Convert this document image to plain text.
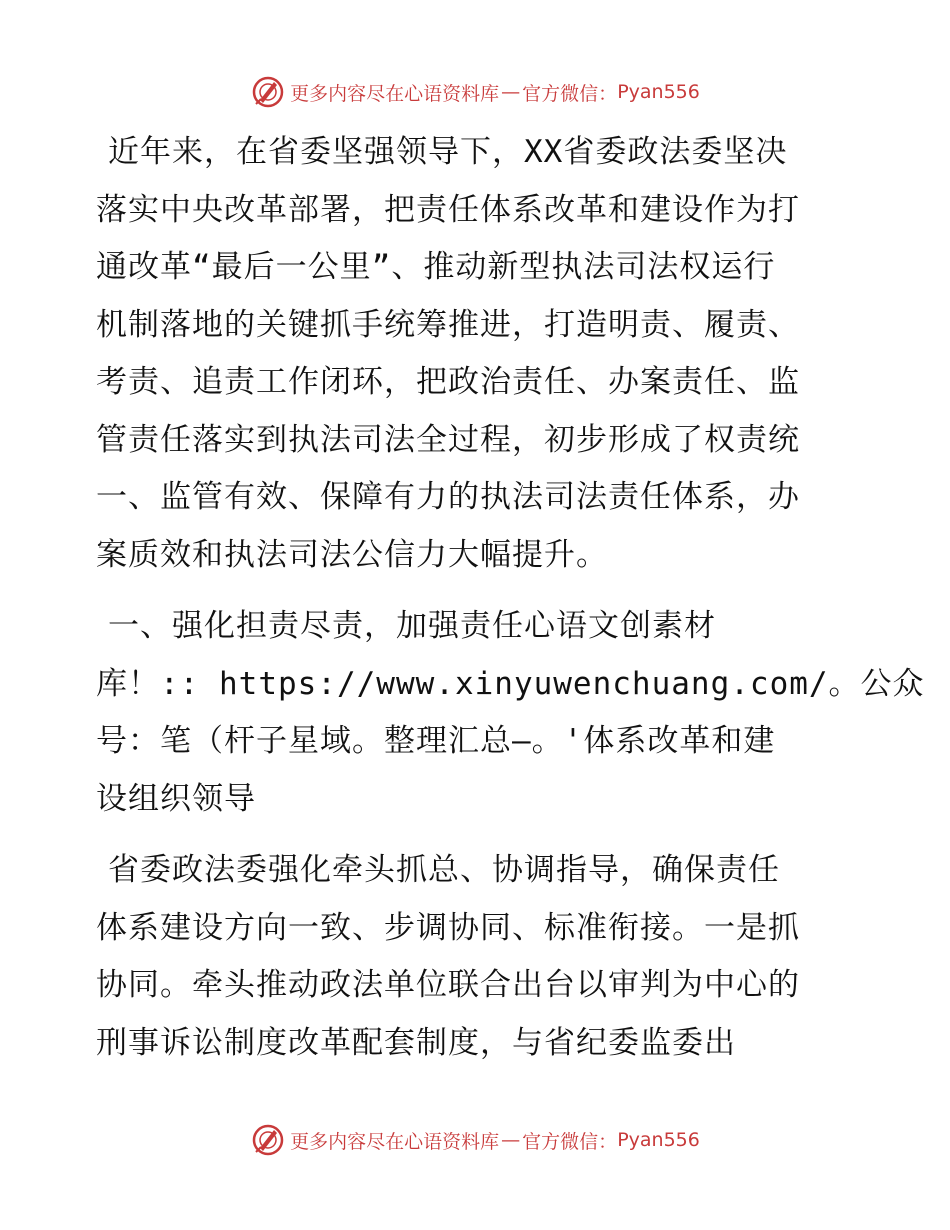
更多内容尽在心语资料库 — 官方微信 ： Pyan556
近年来，在省委坚强领导下，XX省委政法委坚决
落实中央改革部署，把责任体系改革和建设作为打
通改革“最后一公里”、推动新型执法司法权运行
机制落地的关键抓手统筹推进，打造明责、履责、
考责、追责工作闭环，把政治责任、办案责任、监
管责任落实到执法司法全过程，初步形成了权责统
一、监管有效、保障有力的执法司法责任体系，办
案质效和执法司法公信力大幅提升。
一、强化担责尽责，加强责任心语文创素材
库！:: https://www.xinyuwenchuang.com/。公众
号：笔（杆子星域。整理汇总—。'体系改革和建
设组织领导
省委政法委强化牵头抓总、协调指导，确保责任
体系建设方向一致、步调协同、标准衔接。一是抓
协同。牵头推动政法单位联合出台以审判为中心的
刑事诉讼制度改革配套制度，与省纪委监委出
更多内容尽在心语资料库 — 官方微信 ： Pyan556
